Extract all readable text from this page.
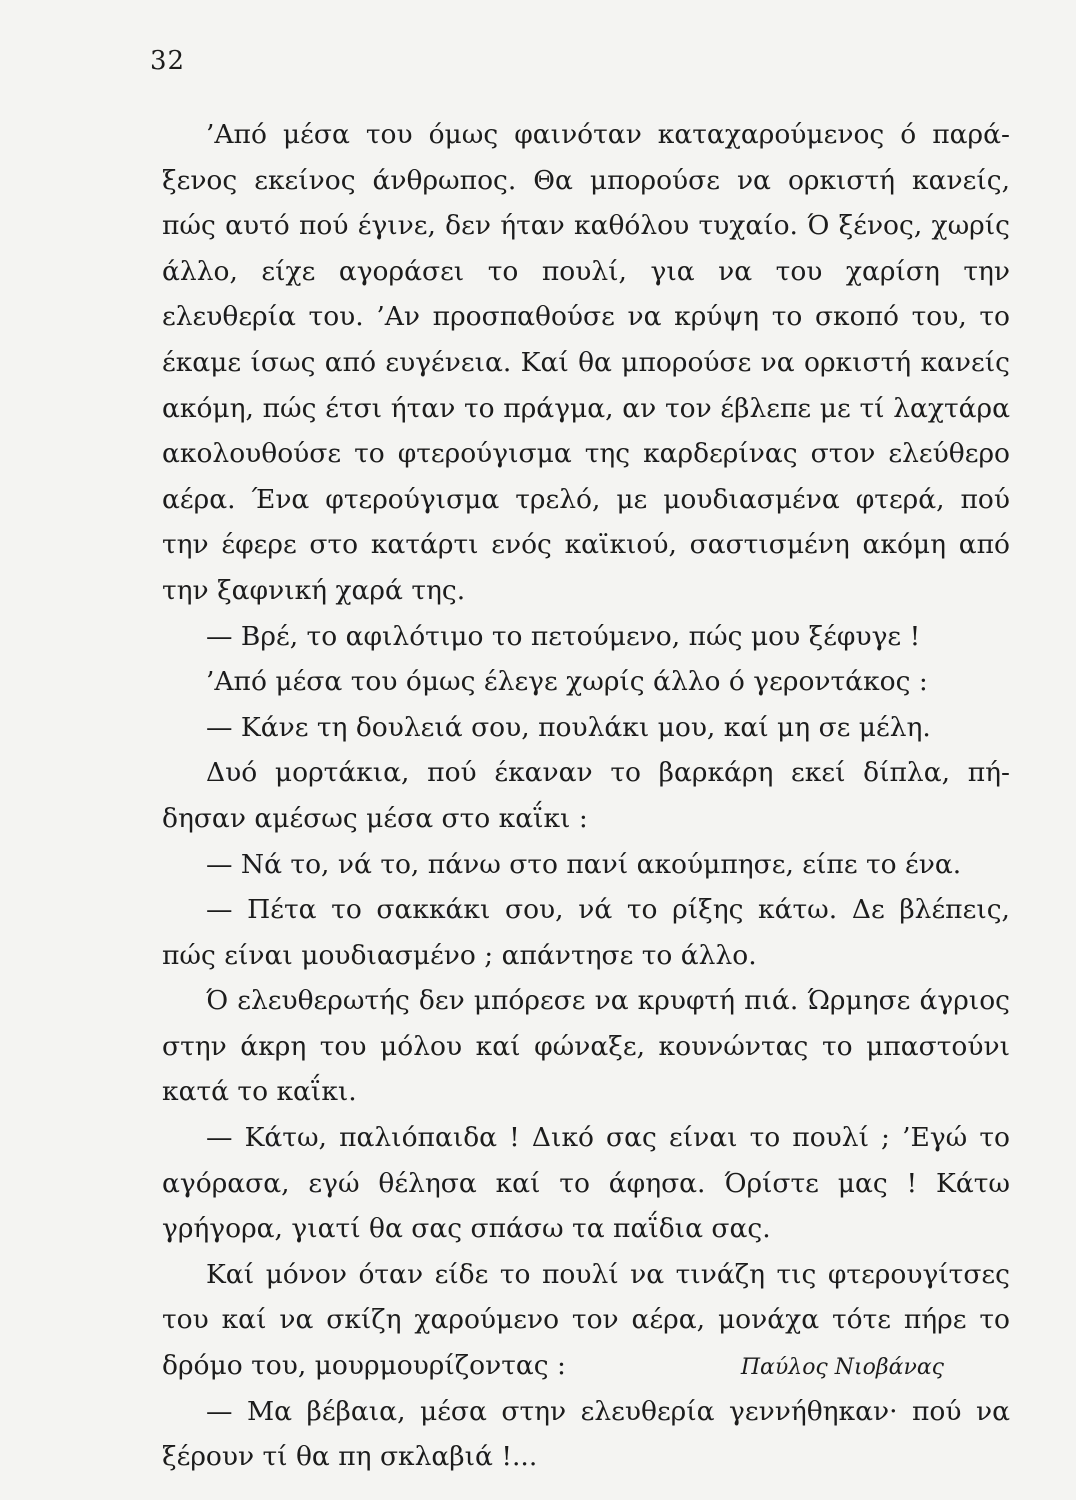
32

’Από μέσα του όμως φαινόταν καταχαρούμενος ό παράξενος εκείνος άνθρωπος. Θα μπορούσε να ορκιστή κανείς, πώς αυτό πού έγινε, δεν ήταν καθόλου τυχαίο. Ό ξένος, χωρίς άλλο, είχε αγοράσει το πουλί, για να του χαρίση την ελευθερία του. ’Αν προσπαθούσε να κρύψη το σκοπό του, το έκαμε ίσως από ευγένεια. Καί θα μπορούσε να ορκιστή κανείς ακόμη, πώς έτσι ήταν το πράγμα, αν τον έβλεπε με τί λαχτάρα ακολουθούσε το φτερούγισμα της καρδερίνας στον ελεύθερο αέρα. Ένα φτερούγισμα τρελό, με μουδιασμένα φτερά, πού την έφερε στο κατάρτι ενός καϊκιού, σαστισμένη ακόμη από την ξαφνική χαρά της.

— Βρέ, το αφιλότιμο το πετούμενο, πώς μου ξέφυγε !

’Από μέσα του όμως έλεγε χωρίς άλλο ό γεροντάκος :

— Κάνε τη δουλειά σου, πουλάκι μου, καί μη σε μέλη.

Δυό μορτάκια, πού έκαναν το βαρκάρη εκεί δίπλα, πήδησαν αμέσως μέσα στο καΐκι :

— Νά το, νά το, πάνω στο πανί ακούμπησε, είπε το ένα.

— Πέτα το σακκάκι σου, νά το ρίξης κάτω. Δε βλέπεις, πώς είναι μουδιασμένο ; απάντησε το άλλο.

Ό ελευθερωτής δεν μπόρεσε να κρυφτή πιά. Ώρμησε άγριος στην άκρη του μόλου καί φώναξε, κουνώντας το μπαστούνι κατά το καΐκι.

— Κάτω, παλιόπαιδα ! Δικό σας είναι το πουλί ; ’Εγώ το αγόρασα, εγώ θέλησα καί το άφησα. Όρίστε μας ! Κάτω γρήγορα, γιατί θα σας σπάσω τα παΐδια σας.

Καί μόνον όταν είδε το πουλί να τινάζη τις φτερουγίτσες του καί να σκίζη χαρούμενο τον αέρα, μονάχα τότε πήρε το δρόμο του, μουρμουρίζοντας :

— Μα βέβαια, μέσα στην ελευθερία γεννήθηκαν· πού να ξέρουν τί θα πη σκλαβιά !...

Παύλος Νιοβάνας
